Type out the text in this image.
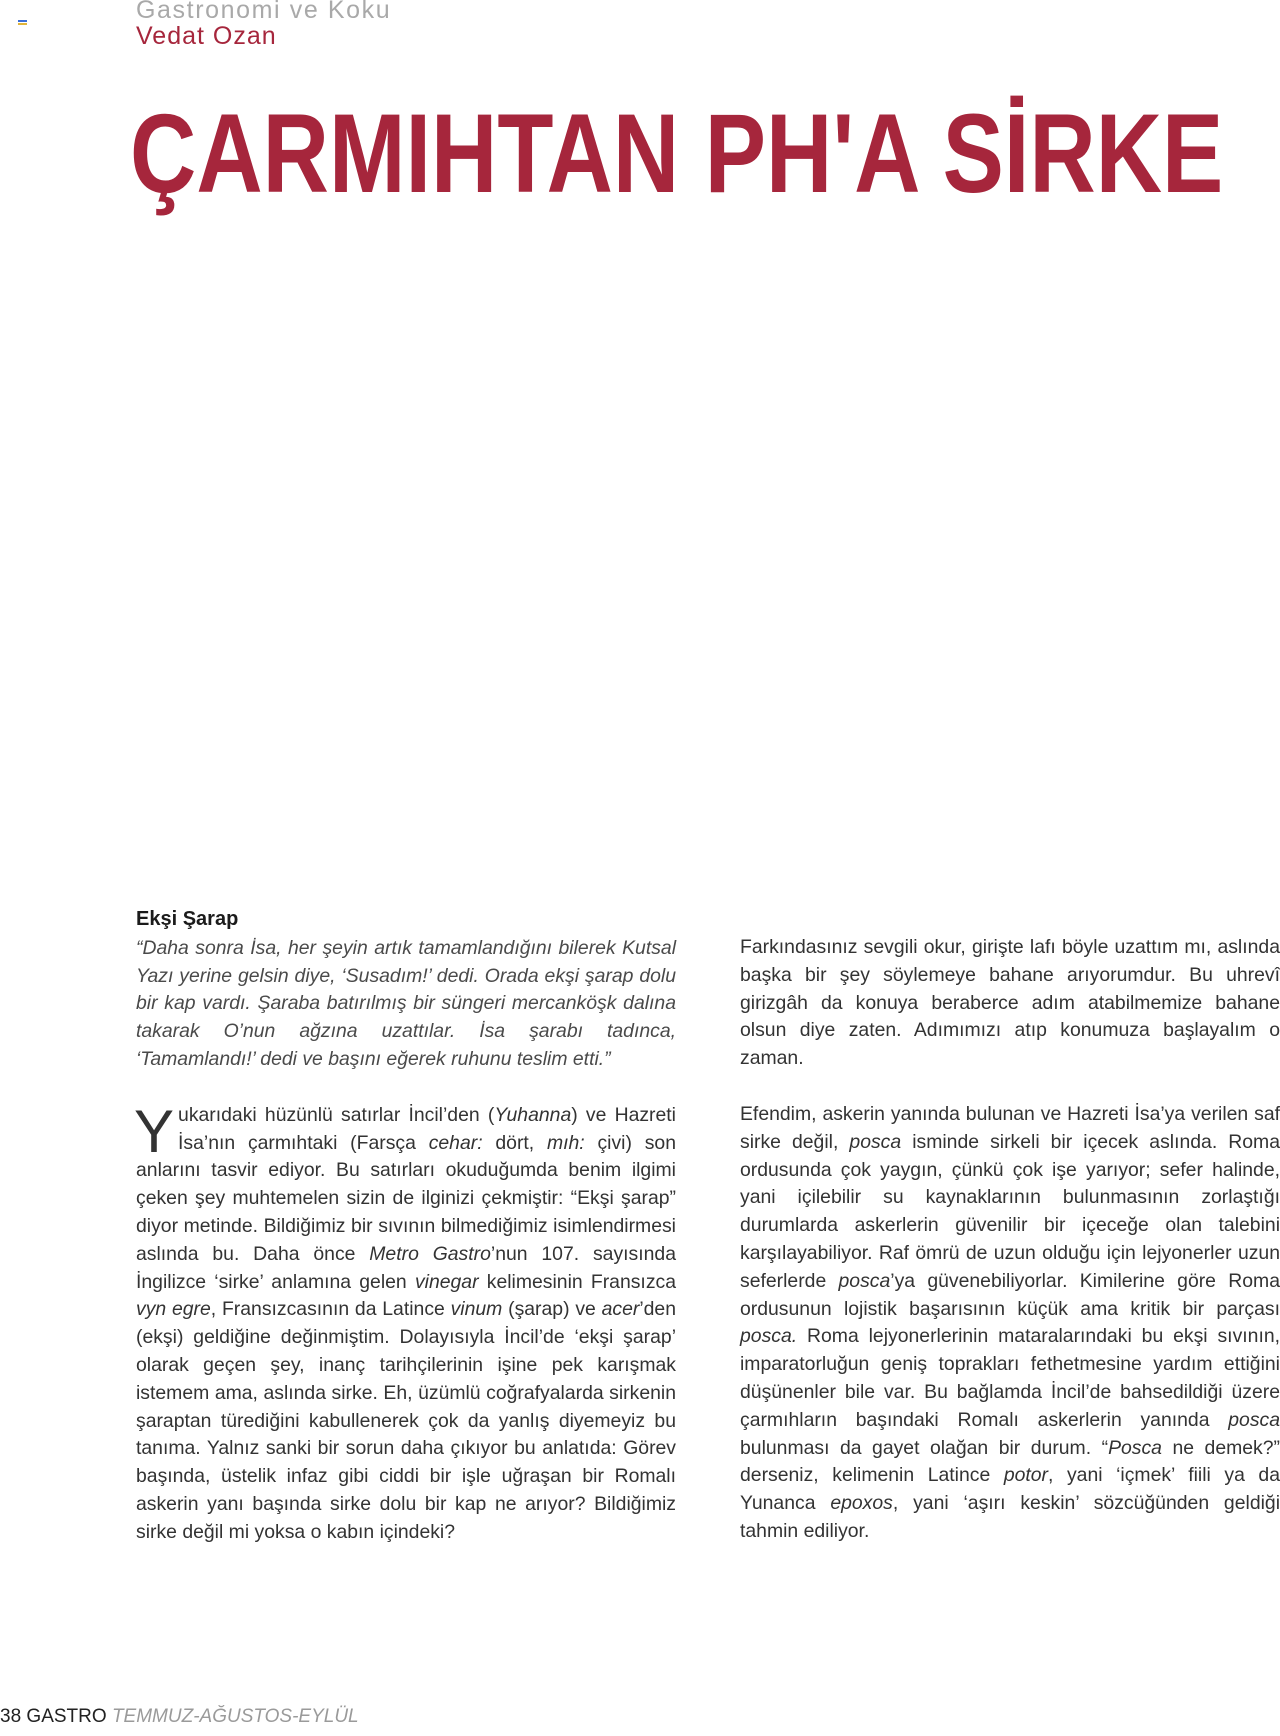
Gastronomi ve Koku
Vedat Ozan
ÇARMIHTAN PH'A SİRKE
Ekşi Şarap

“Daha sonra İsa, her şeyin artık tamamlandığını bilerek Kutsal Yazı yerine gelsin diye, ‘Susadım!’ dedi. Orada ekşi şarap dolu bir kap vardı. Şaraba batırılmış bir süngeri mercanköşk dalına takarak O’nun ağzına uzattılar. İsa şarabı tadınca, ‘Tamamlandı!’ dedi ve başını eğerek ruhunu teslim etti.”

Yukarıdaki hüzünlü satırlar İncil’den (Yuhanna) ve Hazreti İsa’nın çarmıhtaki (Farsça cehar: dört, mıh: çivi) son anlarını tasvir ediyor. Bu satırları okuduğumda benim ilgimi çeken şey muhtemelen sizin de ilginizi çekmiştir: “Ekşi şarap” diyor metinde. Bildiğimiz bir sıvının bilmediğimiz isimlendirmesi aslında bu. Daha önce Metro Gastro’nun 107. sayısında İngilizce ‘sirke’ anlamına gelen vinegar kelimesinin Fransızca vyn egre, Fransızcasının da Latince vinum (şarap) ve acer’den (ekşi) geldiğine değinmiştim. Dolayısıyla İncil’de ‘ekşi şarap’ olarak geçen şey, inanç tarihçilerinin işine pek karışmak istemem ama, aslında sirke. Eh, üzümlü coğrafyalarda sirkenin şaraptan türediğini kabullenerek çok da yanlış diyemeyiz bu tanıma. Yalnız sanki bir sorun daha çıkıyor bu anlatıda: Görev başında, üstelik infaz gibi ciddi bir işle uğraşan bir Romalı askerin yanı başında sirke dolu bir kap ne arıyor? Bildiğimiz sirke değil mi yoksa o kabın içindeki?

Farkındasınız sevgili okur, girişte lafı böyle uzattım mı, aslında başka bir şey söylemeye bahane arıyorumdur. Bu uhrevî girizgâh da konuya beraberce adım atabilmemize bahane olsun diye zaten. Adımımızı atıp konumuza başlayalım o zaman.

Efendim, askerin yanında bulunan ve Hazreti İsa’ya verilen saf sirke değil, posca isminde sirkeli bir içecek aslında. Roma ordusunda çok yaygın, çünkü çok işe yarıyor; sefer halinde, yani içilebilir su kaynaklarının bulunmasının zorlaştığı durumlarda askerlerin güvenilir bir içeceğe olan talebini karşılayabiliyor. Raf ömrü de uzun olduğu için lejyonerler uzun seferlerde posca’ya güvenebiliyorlar. Kimilerine göre Roma ordusunun lojistik başarısının küçük ama kritik bir parçası posca. Roma lejyonerlerinin mataralarındaki bu ekşi sıvının, imparatorluğun geniş toprakları fethetmesine yardım ettiğini düşünenler bile var. Bu bağlamda İncil’de bahsedildiği üzere çarmıhların başındaki Romalı askerlerin yanında posca bulunması da gayet olağan bir durum. “Posca ne demek?” derseniz, kelimenin Latince potor, yani ‘içmek’ fiili ya da Yunanca epoxos, yani ‘aşırı keskin’ sözcüğünden geldiği tahmin ediliyor.

38 GASTRO TEMMUZ-AĞUSTOS-EYLÜL
